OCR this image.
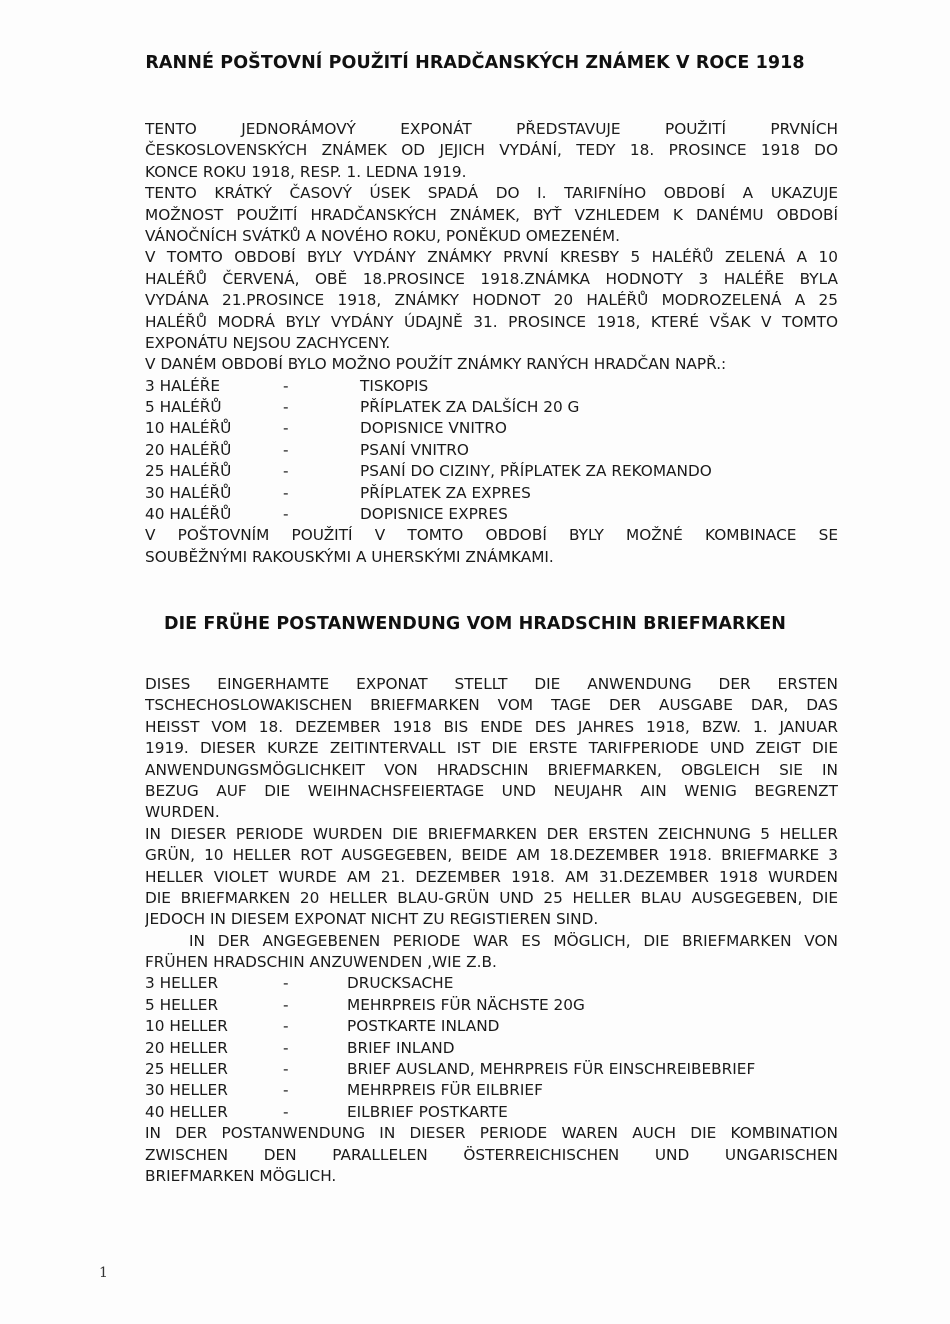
RANNÉ POŠTOVNÍ POUŽITÍ HRADČANSKÝCH ZNÁMEK V ROCE 1918
TENTO JEDNORÁMOVÝ EXPONÁT PŘEDSTAVUJE POUŽITÍ PRVNÍCH
ČESKOSLOVENSKÝCH ZNÁMEK OD JEJICH VYDÁNÍ, TEDY 18. PROSINCE 1918 DO
KONCE ROKU 1918, RESP. 1. LEDNA 1919.
TENTO KRÁTKÝ ČASOVÝ ÚSEK SPADÁ DO I. TARIFNÍHO OBDOBÍ A UKAZUJE
MOŽNOST POUŽITÍ HRADČANSKÝCH ZNÁMEK, BYŤ VZHLEDEM K DANÉMU OBDOBÍ
VÁNOČNÍCH SVÁTKŮ A NOVÉHO ROKU, PONĚKUD OMEZENÉM.
V TOMTO OBDOBÍ BYLY VYDÁNY ZNÁMKY PRVNÍ KRESBY 5 HALÉŘŮ ZELENÁ A 10
HALÉŘŮ ČERVENÁ, OBĚ 18.PROSINCE 1918.ZNÁMKA HODNOTY 3 HALÉŘE BYLA
VYDÁNA 21.PROSINCE 1918, ZNÁMKY HODNOT 20 HALÉŘŮ MODROZELENÁ A 25
HALÉŘŮ MODRÁ BYLY VYDÁNY ÚDAJNĚ 31. PROSINCE 1918, KTERÉ VŠAK V TOMTO
EXPONÁTU NEJSOU ZACHYCENY.
V DANÉM OBDOBÍ BYLO MOŽNO POUŽÍT ZNÁMKY RANÝCH HRADČAN NAPŘ.:
3 HALÉŘE	-	TISKOPIS
5 HALÉŘŮ	-	PŘÍPLATEK ZA DALŠÍCH 20 G
10 HALÉŘŮ	-	DOPISNICE VNITRO
20 HALÉŘŮ	-	PSANÍ VNITRO
25 HALÉŘŮ	-	PSANÍ DO CIZINY, PŘÍPLATEK ZA REKOMANDO
30 HALÉŘŮ	-	PŘÍPLATEK ZA EXPRES
40 HALÉŘŮ	-	DOPISNICE EXPRES
V POŠTOVNÍM POUŽITÍ V TOMTO OBDOBÍ BYLY MOŽNÉ KOMBINACE SE
SOUBĚŽNÝMI RAKOUSKÝMI A UHERSKÝMI ZNÁMKAMI.
DIE FRÜHE POSTANWENDUNG VOM HRADSCHIN BRIEFMARKEN
DISES EINGERHAMTE EXPONAT STELLT DIE ANWENDUNG DER ERSTEN
TSCHECHOSLOWAKISCHEN BRIEFMARKEN VOM TAGE DER AUSGABE DAR, DAS
HEISST VOM 18. DEZEMBER 1918 BIS ENDE DES JAHRES 1918, BZW. 1. JANUAR
1919. DIESER KURZE ZEITINTERVALL IST DIE ERSTE TARIFPERIODE UND ZEIGT DIE
ANWENDUNGSMÖGLICHKEIT VON HRADSCHIN BRIEFMARKEN, OBGLEICH SIE IN
BEZUG AUF DIE WEIHNACHSFEIERTAGE UND NEUJAHR AIN WENIG BEGRENZT
WURDEN.
IN DIESER PERIODE WURDEN DIE BRIEFMARKEN DER ERSTEN ZEICHNUNG 5 HELLER
GRÜN, 10 HELLER ROT AUSGEGEBEN, BEIDE AM 18.DEZEMBER 1918. BRIEFMARKE 3
HELLER VIOLET WURDE AM 21. DEZEMBER 1918. AM 31.DEZEMBER 1918 WURDEN
DIE BRIEFMARKEN 20 HELLER BLAU-GRÜN UND 25 HELLER BLAU AUSGEGEBEN, DIE
JEDOCH IN DIESEM EXPONAT NICHT ZU REGISTIEREN SIND.
IN DER ANGEGEBENEN PERIODE WAR ES MÖGLICH, DIE BRIEFMARKEN VON
FRÜHEN HRADSCHIN ANZUWENDEN ,WIE Z.B.
3 HELLER	-	DRUCKSACHE
5 HELLER	-	MEHRPREIS FÜR NÄCHSTE 20G
10 HELLER	-	POSTKARTE INLAND
20 HELLER	-	BRIEF INLAND
25 HELLER	-	BRIEF AUSLAND, MEHRPREIS FÜR EINSCHREIBEBRIEF
30 HELLER	-	MEHRPREIS FÜR EILBRIEF
40 HELLER	-	EILBRIEF POSTKARTE
IN DER POSTANWENDUNG IN DIESER PERIODE WAREN AUCH DIE KOMBINATION
ZWISCHEN DEN PARALLELEN ÖSTERREICHISCHEN UND UNGARISCHEN
BRIEFMARKEN MÖGLICH.
1
